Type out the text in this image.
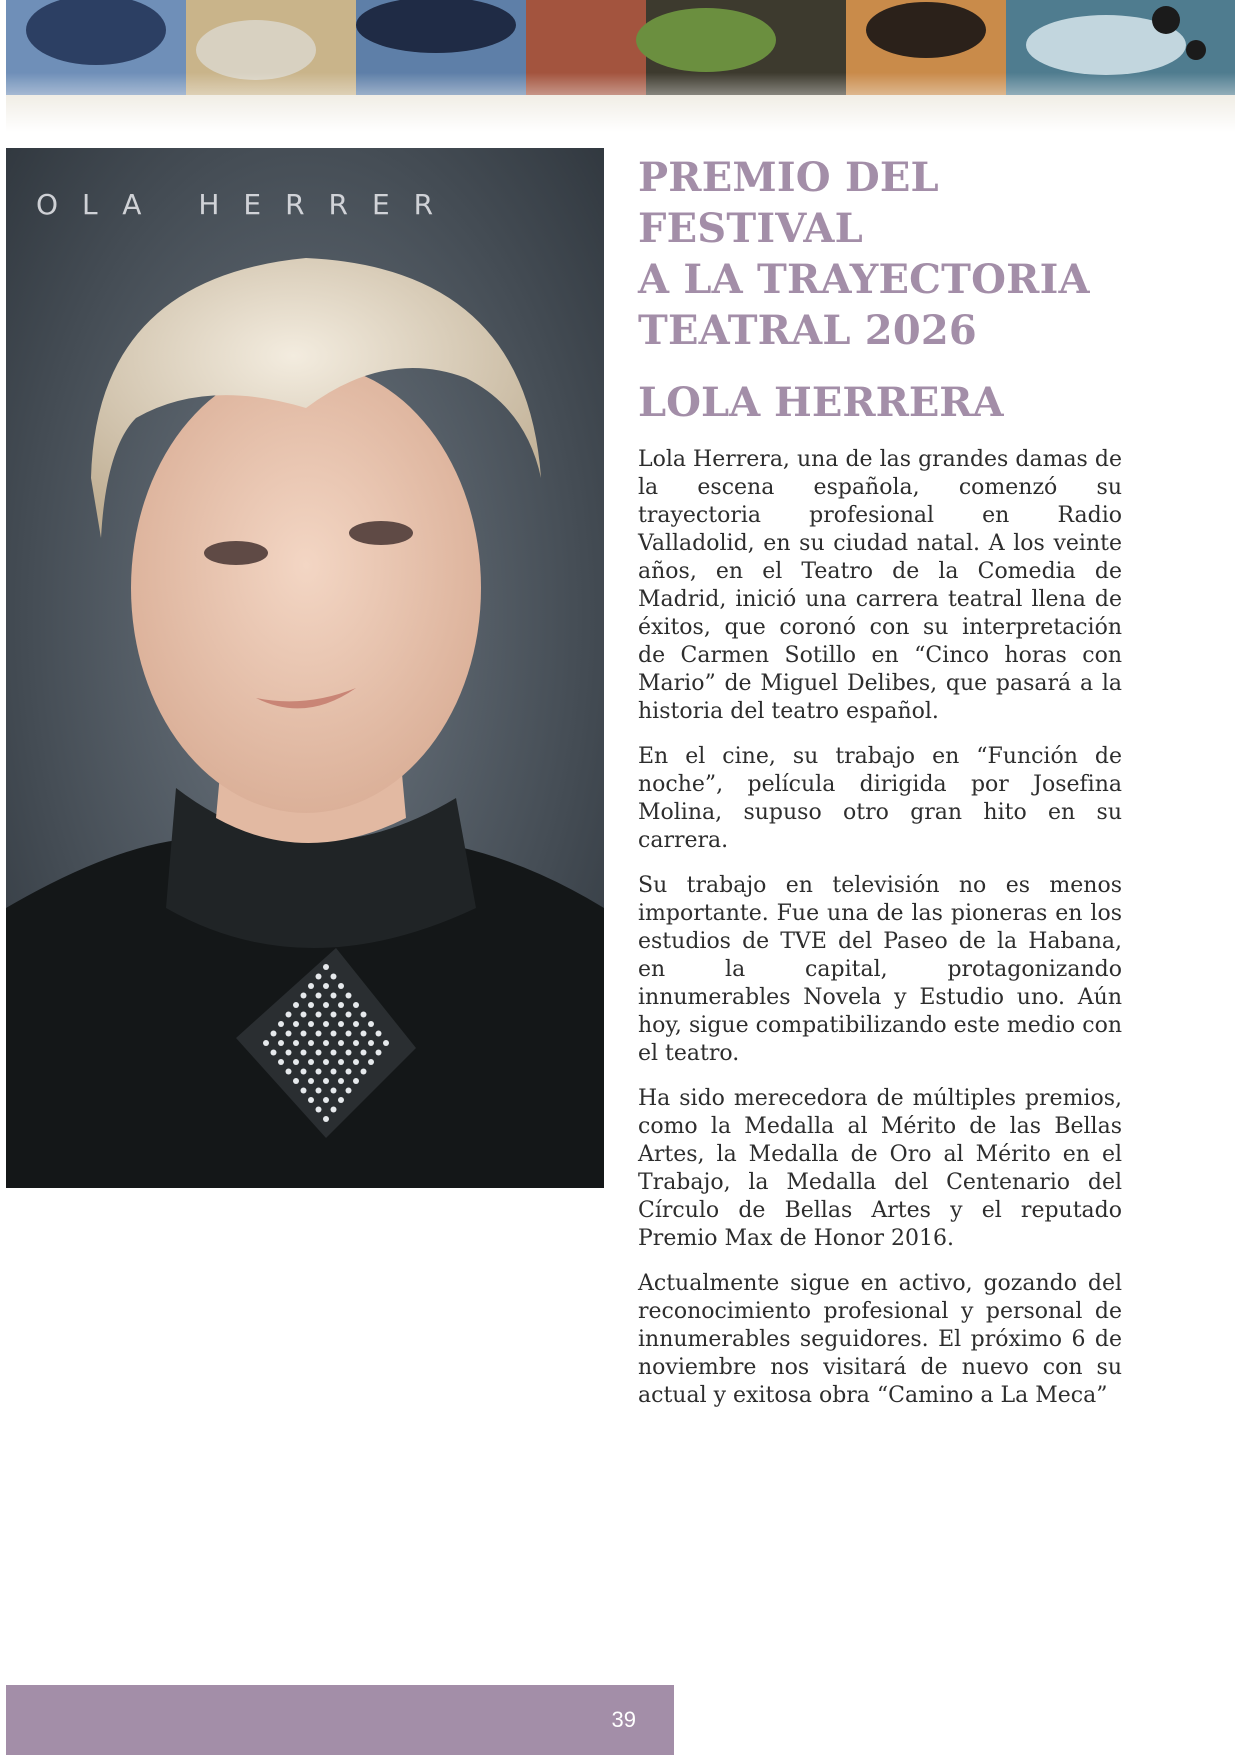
OLA HERRER
PREMIO DEL FESTIVAL
A LA TRAYECTORIA
TEATRAL 2026
LOLA HERRERA

Lola Herrera, una de las grandes damas de la escena española, comenzó su trayectoria profesional en Radio Valladolid, en su ciudad natal. A los veinte años, en el Teatro de la Comedia de Madrid, inició una carrera teatral llena de éxitos, que coronó con su interpretación de Carmen Sotillo en “Cinco horas con Mario” de Miguel Delibes, que pasará a la historia del teatro español.

En el cine, su trabajo en “Función de noche”, película dirigida por Josefina Molina, supuso otro gran hito en su carrera.

Su trabajo en televisión no es menos importante. Fue una de las pioneras en los estudios de TVE del Paseo de la Habana, en la capital, protagonizando innumerables Novela y Estudio uno. Aún hoy, sigue compatibilizando este medio con el teatro.

Ha sido merecedora de múltiples premios, como la Medalla al Mérito de las Bellas Artes, la Medalla de Oro al Mérito en el Trabajo, la Medalla del Centenario del Círculo de Bellas Artes y el reputado Premio Max de Honor 2016.

Actualmente sigue en activo, gozando del reconocimiento profesional y personal de innumerables seguidores. El próximo 6 de noviembre nos visitará de nuevo con su actual y exitosa obra “Camino a La Meca”

39
